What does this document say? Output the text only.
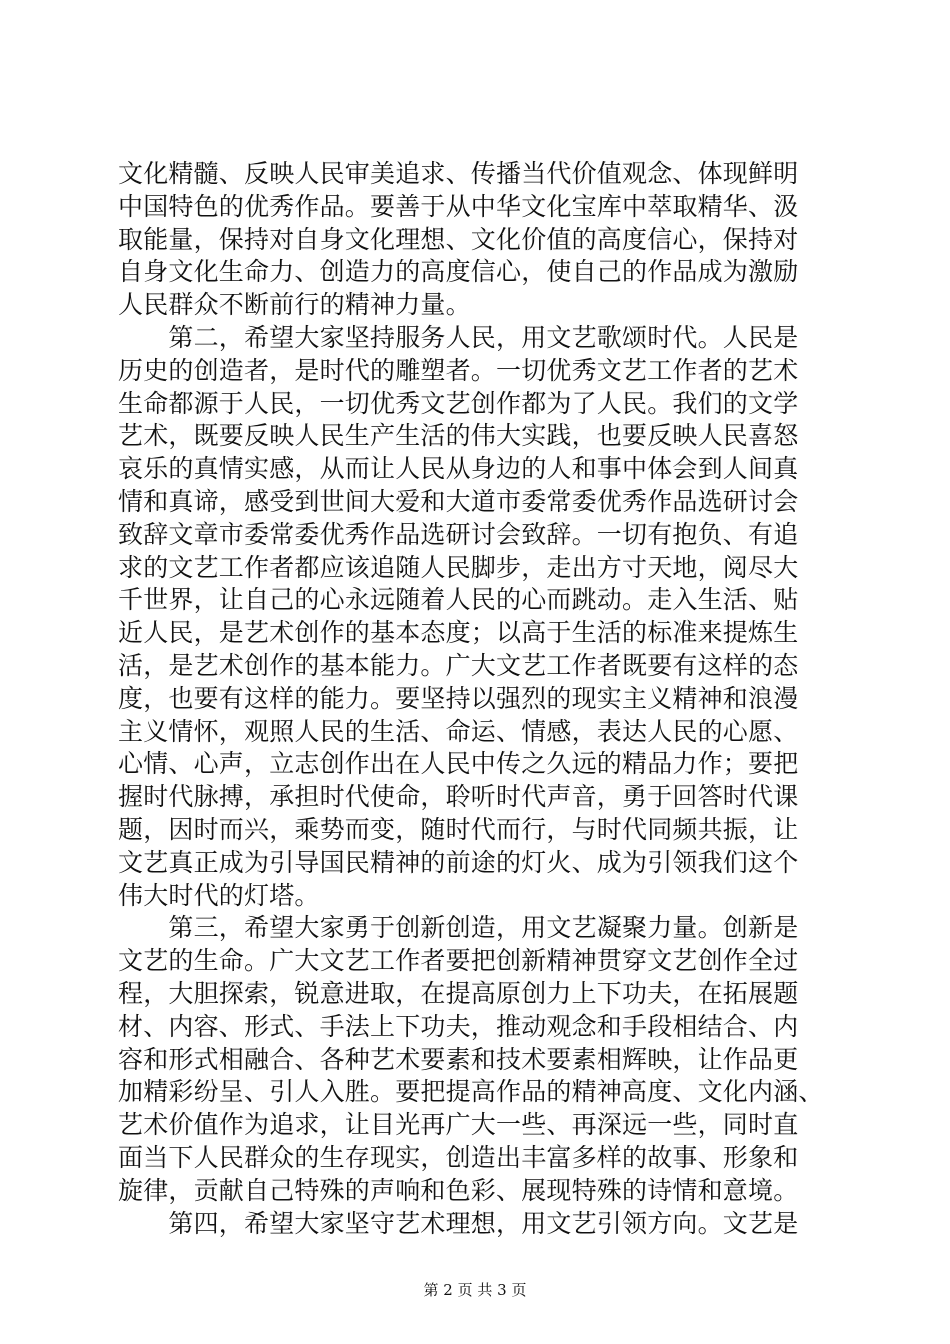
文化精髓、反映人民审美追求、传播当代价值观念、体现鲜明
中国特色的优秀作品。要善于从中华文化宝库中萃取精华、汲
取能量，保持对自身文化理想、文化价值的高度信心，保持对
自身文化生命力、创造力的高度信心，使自己的作品成为激励
人民群众不断前行的精神力量。
　　第二，希望大家坚持服务人民，用文艺歌颂时代。人民是
历史的创造者，是时代的雕塑者。一切优秀文艺工作者的艺术
生命都源于人民，一切优秀文艺创作都为了人民。我们的文学
艺术，既要反映人民生产生活的伟大实践，也要反映人民喜怒
哀乐的真情实感，从而让人民从身边的人和事中体会到人间真
情和真谛，感受到世间大爱和大道市委常委优秀作品选研讨会
致辞文章市委常委优秀作品选研讨会致辞。一切有抱负、有追
求的文艺工作者都应该追随人民脚步，走出方寸天地，阅尽大
千世界，让自己的心永远随着人民的心而跳动。走入生活、贴
近人民，是艺术创作的基本态度；以高于生活的标准来提炼生
活，是艺术创作的基本能力。广大文艺工作者既要有这样的态
度，也要有这样的能力。要坚持以强烈的现实主义精神和浪漫
主义情怀，观照人民的生活、命运、情感，表达人民的心愿、
心情、心声，立志创作出在人民中传之久远的精品力作；要把
握时代脉搏，承担时代使命，聆听时代声音，勇于回答时代课
题，因时而兴，乘势而变，随时代而行，与时代同频共振，让
文艺真正成为引导国民精神的前途的灯火、成为引领我们这个
伟大时代的灯塔。
　　第三，希望大家勇于创新创造，用文艺凝聚力量。创新是
文艺的生命。广大文艺工作者要把创新精神贯穿文艺创作全过
程，大胆探索，锐意进取，在提高原创力上下功夫，在拓展题
材、内容、形式、手法上下功夫，推动观念和手段相结合、内
容和形式相融合、各种艺术要素和技术要素相辉映，让作品更
加精彩纷呈、引人入胜。要把提高作品的精神高度、文化内涵、
艺术价值作为追求，让目光再广大一些、再深远一些，同时直
面当下人民群众的生存现实，创造出丰富多样的故事、形象和
旋律，贡献自己特殊的声响和色彩、展现特殊的诗情和意境。
　　第四，希望大家坚守艺术理想，用文艺引领方向。文艺是
第 2 页 共 3 页
